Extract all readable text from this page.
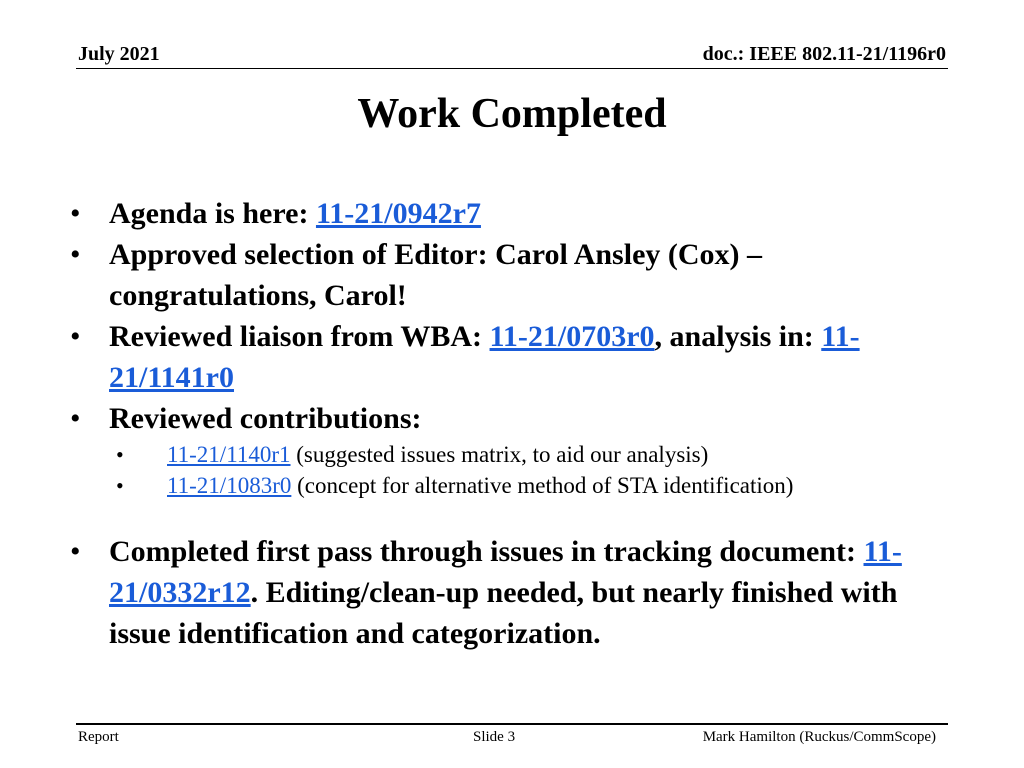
July 2021	doc.: IEEE 802.11-21/1196r0
Work Completed
• Agenda is here: 11-21/0942r7
• Approved selection of Editor: Carol Ansley (Cox) – congratulations, Carol!
• Reviewed liaison from WBA: 11-21/0703r0, analysis in: 11-21/1141r0
• Reviewed contributions:
• 11-21/1140r1 (suggested issues matrix, to aid our analysis)
• 11-21/1083r0 (concept for alternative method of STA identification)
• Completed first pass through issues in tracking document: 11-21/0332r12. Editing/clean-up needed, but nearly finished with issue identification and categorization.
Report	Slide 3	Mark Hamilton (Ruckus/CommScope)
